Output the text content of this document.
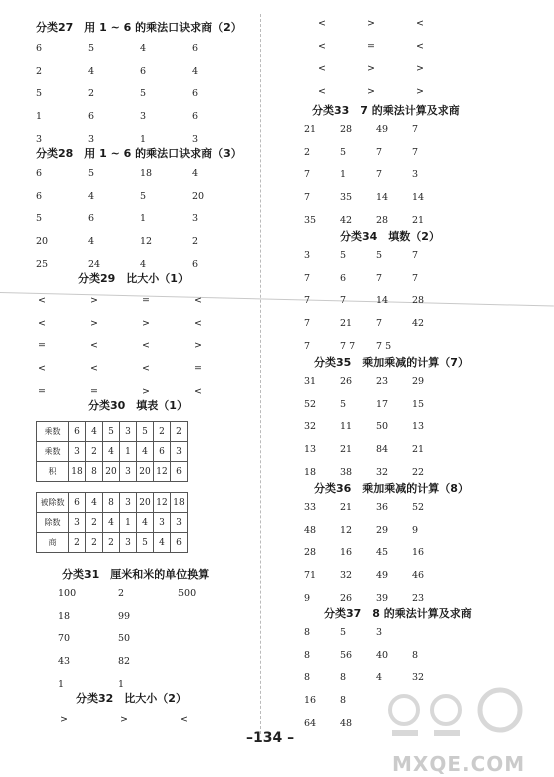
分类27　用 1 ~ 6 的乘法口诀求商（2）
6	5	4	6
2	4	6	4
5	2	5	6
1	6	3	6
3	3	1	3
分类28　用 1 ~ 6 的乘法口诀求商（3）
6	5	18	4
6	4	5	20
5	6	1	3
20	4	12	2
25	24	4	6
分类29　比大小（1）
<	>	=	<
<	>	>	<
=	<	<	>
<	<	<	=
=	=	>	<
分类30　填表（1）
乘数	6	4	5	3	5	2	2
乘数	3	2	4	1	4	6	3
积	18	8	20	3	20	12	6
被除数	6	4	8	3	20	12	18
除数	3	2	4	1	4	3	3
商	2	2	2	3	5	4	6
分类31　厘米和米的单位换算
100	2	500
18	99
70	50
43	82
1	1
分类32　比大小（2）
>	>	<
<	>	<
<	=	<
<	>	>
<	>	>
分类33　7 的乘法计算及求商
21	28	49	7
2	5	7	7
7	1	7	3
7	35	14	14
35	42	28	21
分类34　填数（2）
3	5	5	7
7	6	7	7
7	7	14	28
7	21	7	42
7	7 7	7 5
分类35　乘加乘减的计算（7）
31	26	23	29
52	5	17	15
32	11	50	13
13	21	84	21
18	38	32	22
分类36　乘加乘减的计算（8）
33	21	36	52
48	12	29	9
28	16	45	16
71	32	49	46
9	26	39	23
分类37　8 的乘法计算及求商
8	5	3
8	56	40	8
8	8	4	32
16	8
64	48
–134 –
MXQE.COM
